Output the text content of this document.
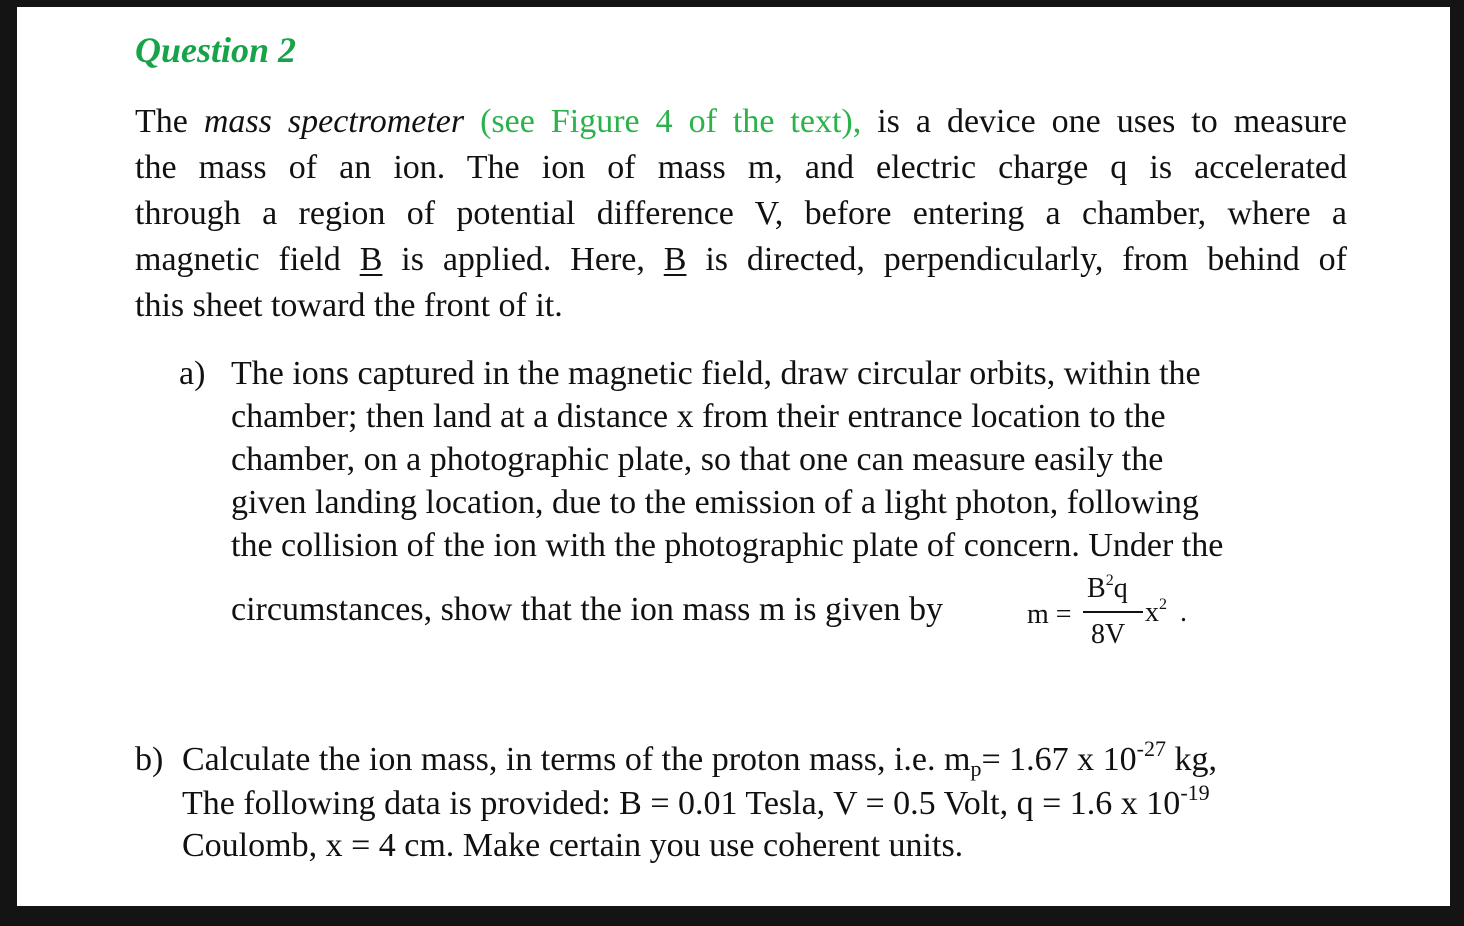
Question 2
The mass spectrometer (see Figure 4 of the text), is a device one uses to measure
the mass of an ion. The ion of mass m, and electric charge q is accelerated
through a region of potential difference V, before entering a chamber, where a
magnetic field B is applied. Here, B is directed, perpendicularly, from behind of
this sheet toward the front of it.
a) The ions captured in the magnetic field, draw circular orbits, within the
chamber; then land at a distance x from their entrance location to the
chamber, on a photographic plate, so that one can measure easily the
given landing location, due to the emission of a light photon, following
the collision of the ion with the photographic plate of concern. Under the
circumstances, show that the ion mass m is given by	m =
$B^2q$
8V
$x^2$ .
b) Calculate the ion mass, in terms of the proton mass, i.e. $m_p= 1.67$ x $10^{-27}$ kg,
The following data is provided: B = 0.01 Tesla, V = 0.5 Volt, q = 1.6 x $10^{-19}$
Coulomb, x = 4 cm. Make certain you use coherent units.
